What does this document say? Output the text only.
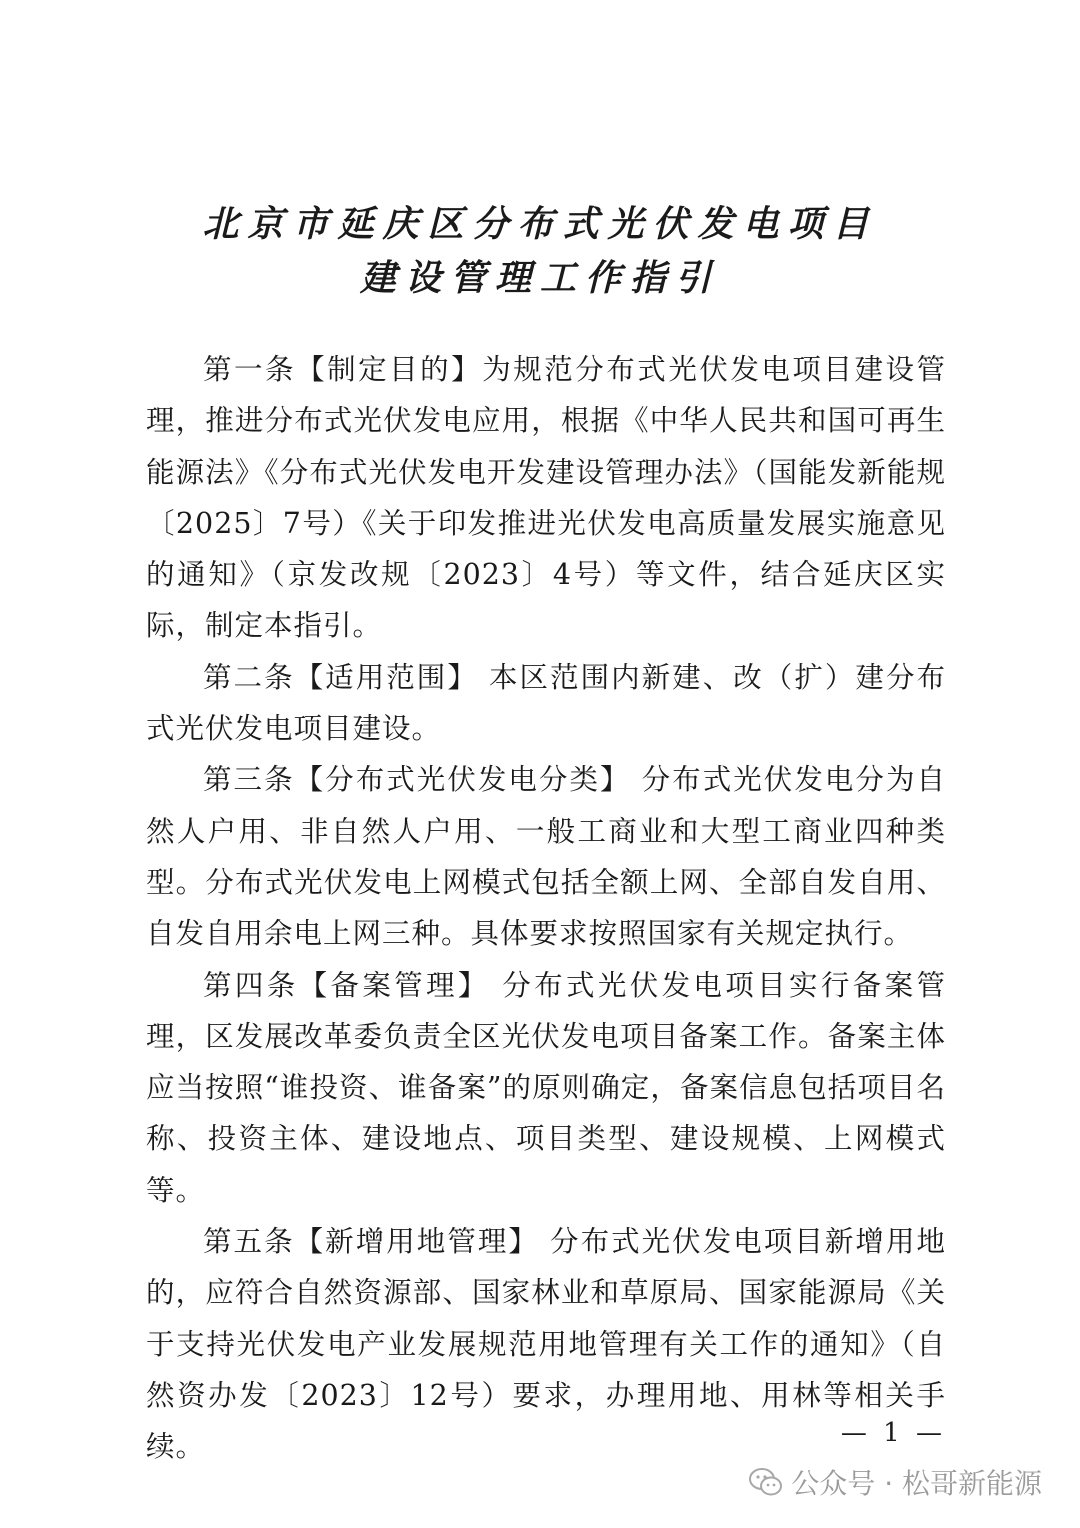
北京市延庆区分布式光伏发电项目
建设管理工作指引

第一条【制定目的】为规范分布式光伏发电项目建设管理，推进分布式光伏发电应用，根据《中华人民共和国可再生能源法》《分布式光伏发电开发建设管理办法》（国能发新能规〔2025〕7号）《关于印发推进光伏发电高质量发展实施意见的通知》（京发改规〔2023〕4号）等文件，结合延庆区实际，制定本指引。

第二条【适用范围】 本区范围内新建、改（扩）建分布式光伏发电项目建设。

第三条【分布式光伏发电分类】 分布式光伏发电分为自然人户用、非自然人户用、一般工商业和大型工商业四种类型。分布式光伏发电上网模式包括全额上网、全部自发自用、自发自用余电上网三种。具体要求按照国家有关规定执行。

第四条【备案管理】 分布式光伏发电项目实行备案管理，区发展改革委负责全区光伏发电项目备案工作。备案主体应当按照“谁投资、谁备案”的原则确定，备案信息包括项目名称、投资主体、建设地点、项目类型、建设规模、上网模式等。

第五条【新增用地管理】 分布式光伏发电项目新增用地的，应符合自然资源部、国家林业和草原局、国家能源局《关于支持光伏发电产业发展规范用地管理有关工作的通知》（自然资办发〔2023〕12号）要求，办理用地、用林等相关手续。	— 1 —
公众号 · 松哥新能源
